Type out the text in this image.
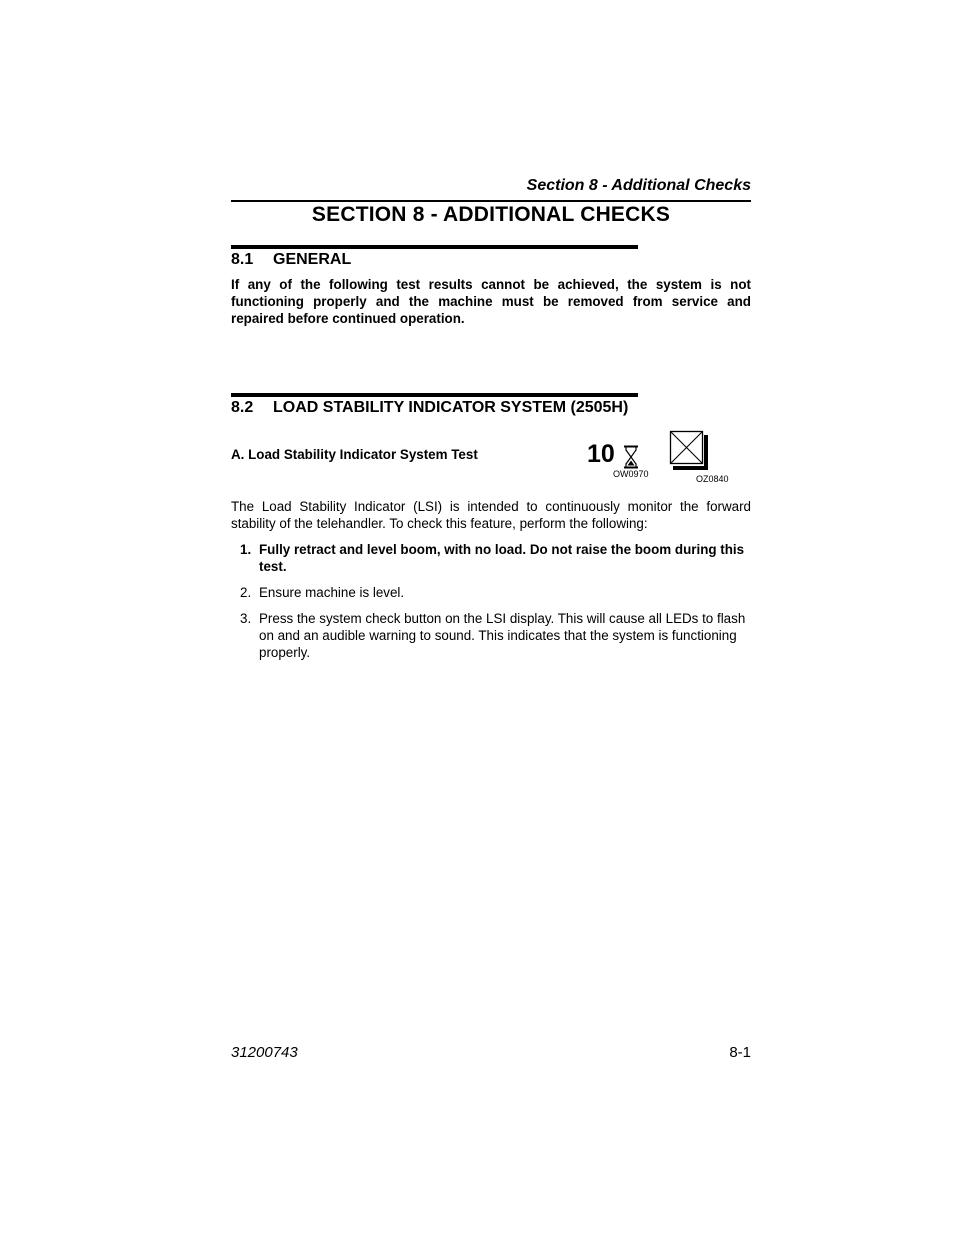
Section 8 - Additional Checks
SECTION 8 - ADDITIONAL CHECKS
8.1 GENERAL
If any of the following test results cannot be achieved, the system is not functioning properly and the machine must be removed from service and repaired before continued operation.
8.2 LOAD STABILITY INDICATOR SYSTEM (2505H)
A. Load Stability Indicator System Test	10
OW0970	OZ0840
The Load Stability Indicator (LSI) is intended to continuously monitor the forward stability of the telehandler. To check this feature, perform the following:
1. Fully retract and level boom, with no load. Do not raise the boom during this test.
2. Ensure machine is level.
3. Press the system check button on the LSI display. This will cause all LEDs to flash on and an audible warning to sound. This indicates that the system is functioning properly.
31200743	8-1
